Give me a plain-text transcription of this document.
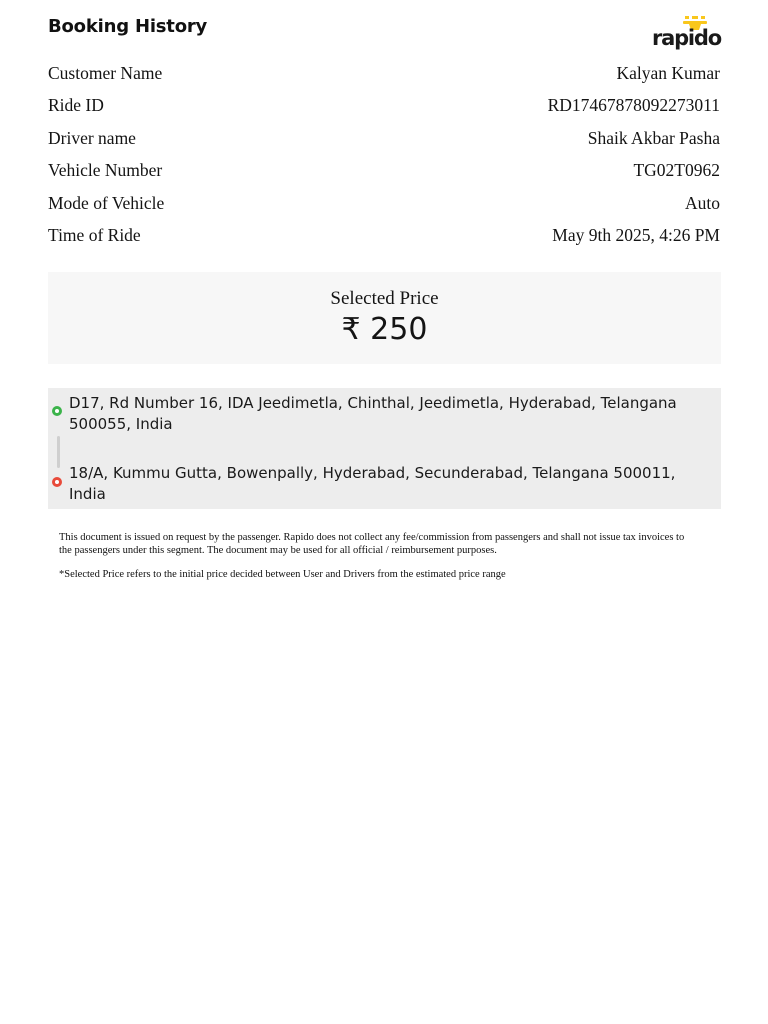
Booking History	rapido
Customer Name	Kalyan Kumar
Ride ID	RD17467878092273011
Driver name	Shaik Akbar Pasha
Vehicle Number	TG02T0962
Mode of Vehicle	Auto
Time of Ride	May 9th 2025, 4:26 PM
Selected Price
₹ 250
D17, Rd Number 16, IDA Jeedimetla, Chinthal, Jeedimetla, Hyderabad, Telangana 500055, India
18/A, Kummu Gutta, Bowenpally, Hyderabad, Secunderabad, Telangana 500011, India

This document is issued on request by the passenger. Rapido does not collect any fee/commission from passengers and shall not issue tax invoices to the passengers under this segment. The document may be used for all official / reimbursement purposes.

*Selected Price refers to the initial price decided between User and Drivers from the estimated price range
